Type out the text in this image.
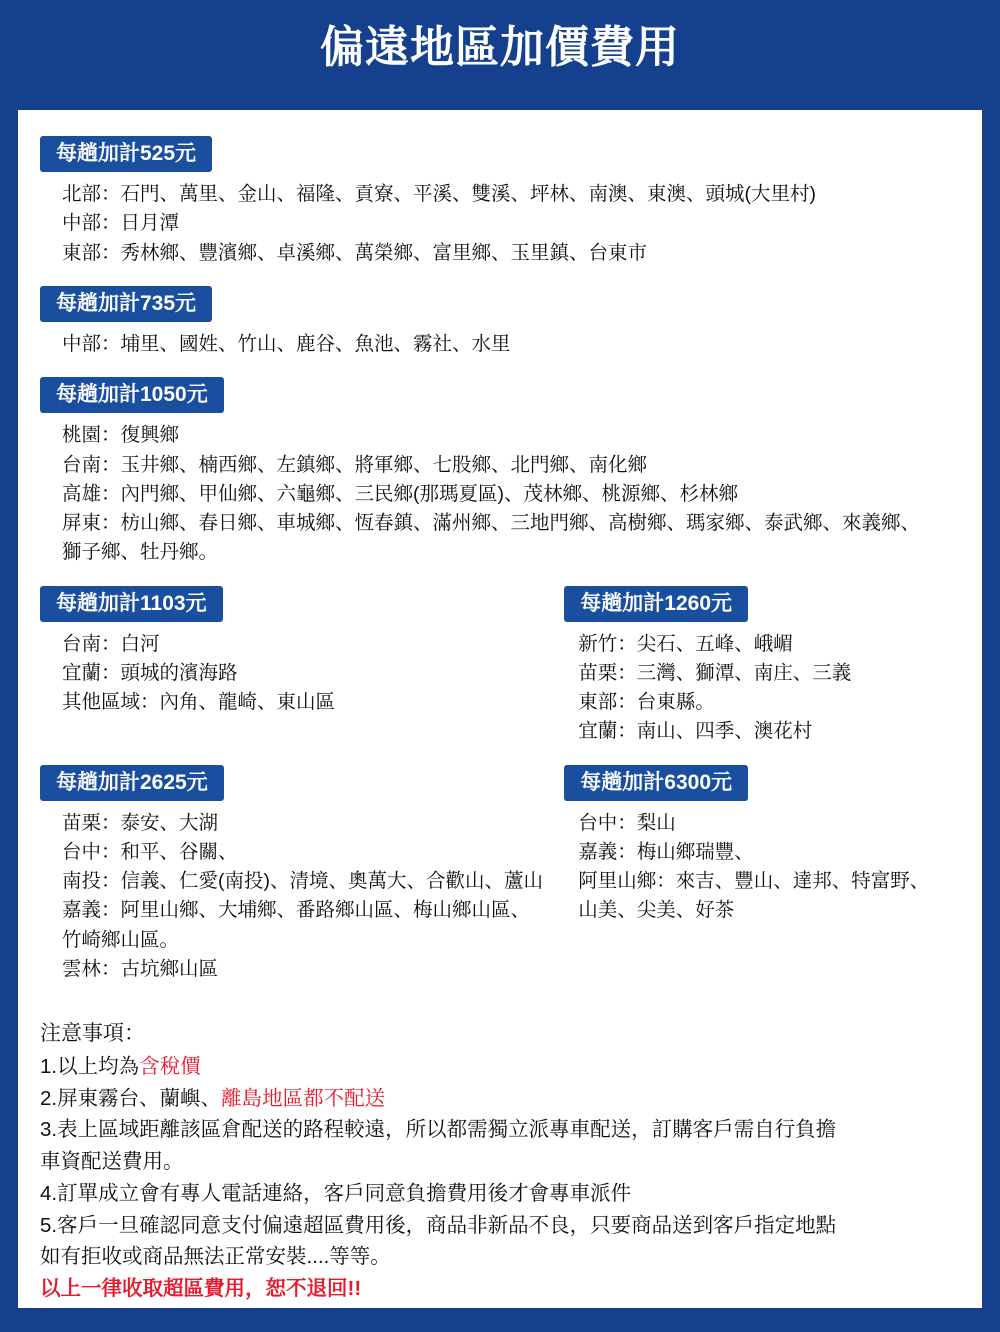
偏遠地區加價費用
每趟加計525元
北部：石門、萬里、金山、福隆、貢寮、平溪、雙溪、坪林、南澳、東澳、頭城(大里村)
中部：日月潭
東部：秀林鄉、豐濱鄉、卓溪鄉、萬榮鄉、富里鄉、玉里鎮、台東市
每趟加計735元
中部：埔里、國姓、竹山、鹿谷、魚池、霧社、水里
每趟加計1050元
桃園：復興鄉
台南：玉井鄉、楠西鄉、左鎮鄉、將軍鄉、七股鄉、北門鄉、南化鄉
高雄：內門鄉、甲仙鄉、六龜鄉、三民鄉(那瑪夏區)、茂林鄉、桃源鄉、杉林鄉
屏東：枋山鄉、春日鄉、車城鄉、恆春鎮、滿州鄉、三地門鄉、高樹鄉、瑪家鄉、泰武鄉、來義鄉、
獅子鄉、牡丹鄉。
每趟加計1103元
台南：白河
宜蘭：頭城的濱海路
其他區域：內角、龍崎、東山區
每趟加計1260元
新竹：尖石、五峰、峨嵋
苗栗：三灣、獅潭、南庄、三義
東部：台東縣。
宜蘭：南山、四季、澳花村
每趟加計2625元
苗栗：泰安、大湖
台中：和平、谷關、
南投：信義、仁愛(南投)、清境、奧萬大、合歡山、蘆山
嘉義：阿里山鄉、大埔鄉、番路鄉山區、梅山鄉山區、
竹崎鄉山區。
雲林：古坑鄉山區
每趟加計6300元
台中：梨山
嘉義：梅山鄉瑞豐、
阿里山鄉：來吉、豐山、達邦、特富野、
山美、尖美、好茶
注意事項：
1.以上均為含稅價
2.屏東霧台、蘭嶼、離島地區都不配送
3.表上區域距離該區倉配送的路程較遠，所以都需獨立派專車配送，訂購客戶需自行負擔
車資配送費用。
4.訂單成立會有專人電話連絡，客戶同意負擔費用後才會專車派件
5.客戶一旦確認同意支付偏遠超區費用後，商品非新品不良，只要商品送到客戶指定地點
如有拒收或商品無法正常安裝....等等。
以上一律收取超區費用，恕不退回!!
